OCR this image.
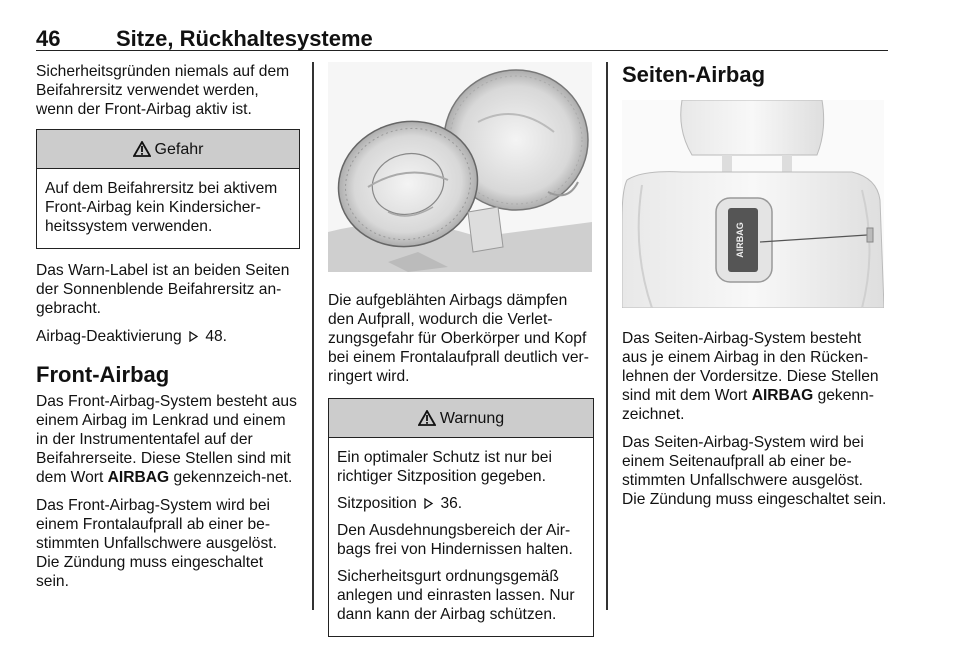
46	Sitze, Rückhaltesysteme

Sicherheitsgründen niemals auf dem Beifahrersitz verwendet werden, wenn der Front-Airbag aktiv ist.

Gefahr

Auf dem Beifahrersitz bei aktivem Front-Airbag kein Kindersicher-heitssystem verwenden.

Das Warn-Label ist an beiden Seiten der Sonnenblende Beifahrersitz an-gebracht.

Airbag-Deaktivierung 48.

Front-Airbag

Das Front-Airbag-System besteht aus einem Airbag im Lenkrad und einem in der Instrumententafel auf der Beifahrerseite. Diese Stellen sind mit dem Wort AIRBAG gekennzeich-net.

Das Front-Airbag-System wird bei einem Frontalaufprall ab einer be-stimmten Unfallschwere ausgelöst. Die Zündung muss eingeschaltet sein.

Die aufgeblähten Airbags dämpfen den Aufprall, wodurch die Verlet-zungsgefahr für Oberkörper und Kopf bei einem Frontalaufprall deutlich ver-ringert wird.

Warnung

Ein optimaler Schutz ist nur bei richtiger Sitzposition gegeben.

Sitzposition 36.

Den Ausdehnungsbereich der Air-bags frei von Hindernissen halten.

Sicherheitsgurt ordnungsgemäß anlegen und einrasten lassen. Nur dann kann der Airbag schützen.

Seiten-Airbag
AIRBAG

Das Seiten-Airbag-System besteht aus je einem Airbag in den Rücken-lehnen der Vordersitze. Diese Stellen sind mit dem Wort AIRBAG gekenn-zeichnet.

Das Seiten-Airbag-System wird bei einem Seitenaufprall ab einer be-stimmten Unfallschwere ausgelöst. Die Zündung muss eingeschaltet sein.
